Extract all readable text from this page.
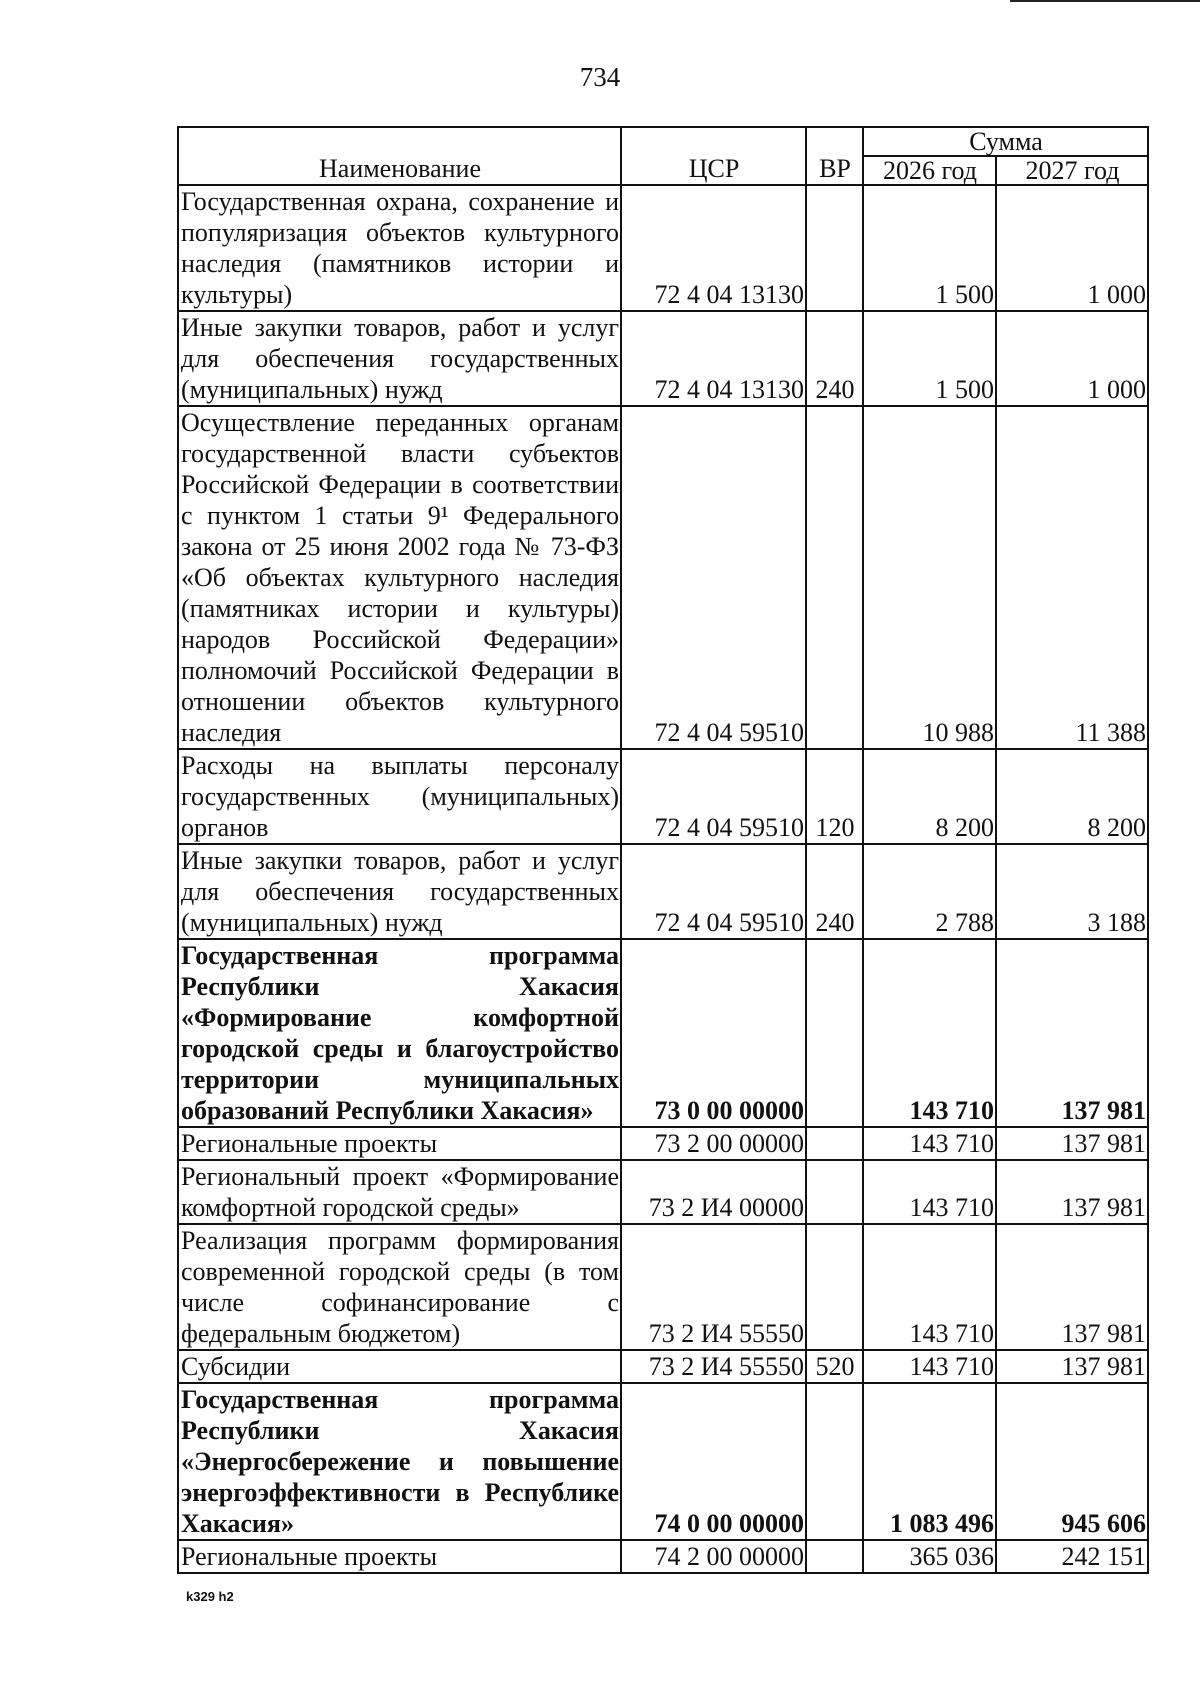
734
Наименование	ЦСР	ВР	Сумма	
			2026 год	2027 год
Государственная охрана, сохранение и популяризация объектов культурного наследия (памятников истории и культуры)	72 4 04 13130		1 500	1 000
Иные закупки товаров, работ и услуг для обеспечения государственных (муниципальных) нужд	72 4 04 13130	240	1 500	1 000
Осуществление переданных органам государственной власти субъектов Российской Федерации в соответствии с пунктом 1 статьи 9¹ Федерального закона от 25 июня 2002 года № 73-ФЗ «Об объектах культурного наследия (памятниках истории и культуры) народов Российской Федерации» полномочий Российской Федерации в отношении объектов культурного наследия	72 4 04 59510		10 988	11 388
Расходы на выплаты персоналу государственных (муниципальных) органов	72 4 04 59510	120	8 200	8 200
Иные закупки товаров, работ и услуг для обеспечения государственных (муниципальных) нужд	72 4 04 59510	240	2 788	3 188
Государственная программа Республики Хакасия «Формирование комфортной городской среды и благоустройство территории муниципальных образований Республики Хакасия»	73 0 00 00000		143 710	137 981
Региональные проекты	73 2 00 00000		143 710	137 981
Региональный проект «Формирование комфортной городской среды»	73 2 И4 00000		143 710	137 981
Реализация программ формирования современной городской среды (в том числе софинансирование с федеральным бюджетом)	73 2 И4 55550		143 710	137 981
Субсидии	73 2 И4 55550	520	143 710	137 981
Государственная программа Республики Хакасия «Энергосбережение и повышение энергоэффективности в Республике Хакасия»	74 0 00 00000		1 083 496	945 606
Региональные проекты	74 2 00 00000		365 036	242 151
k329 h2
